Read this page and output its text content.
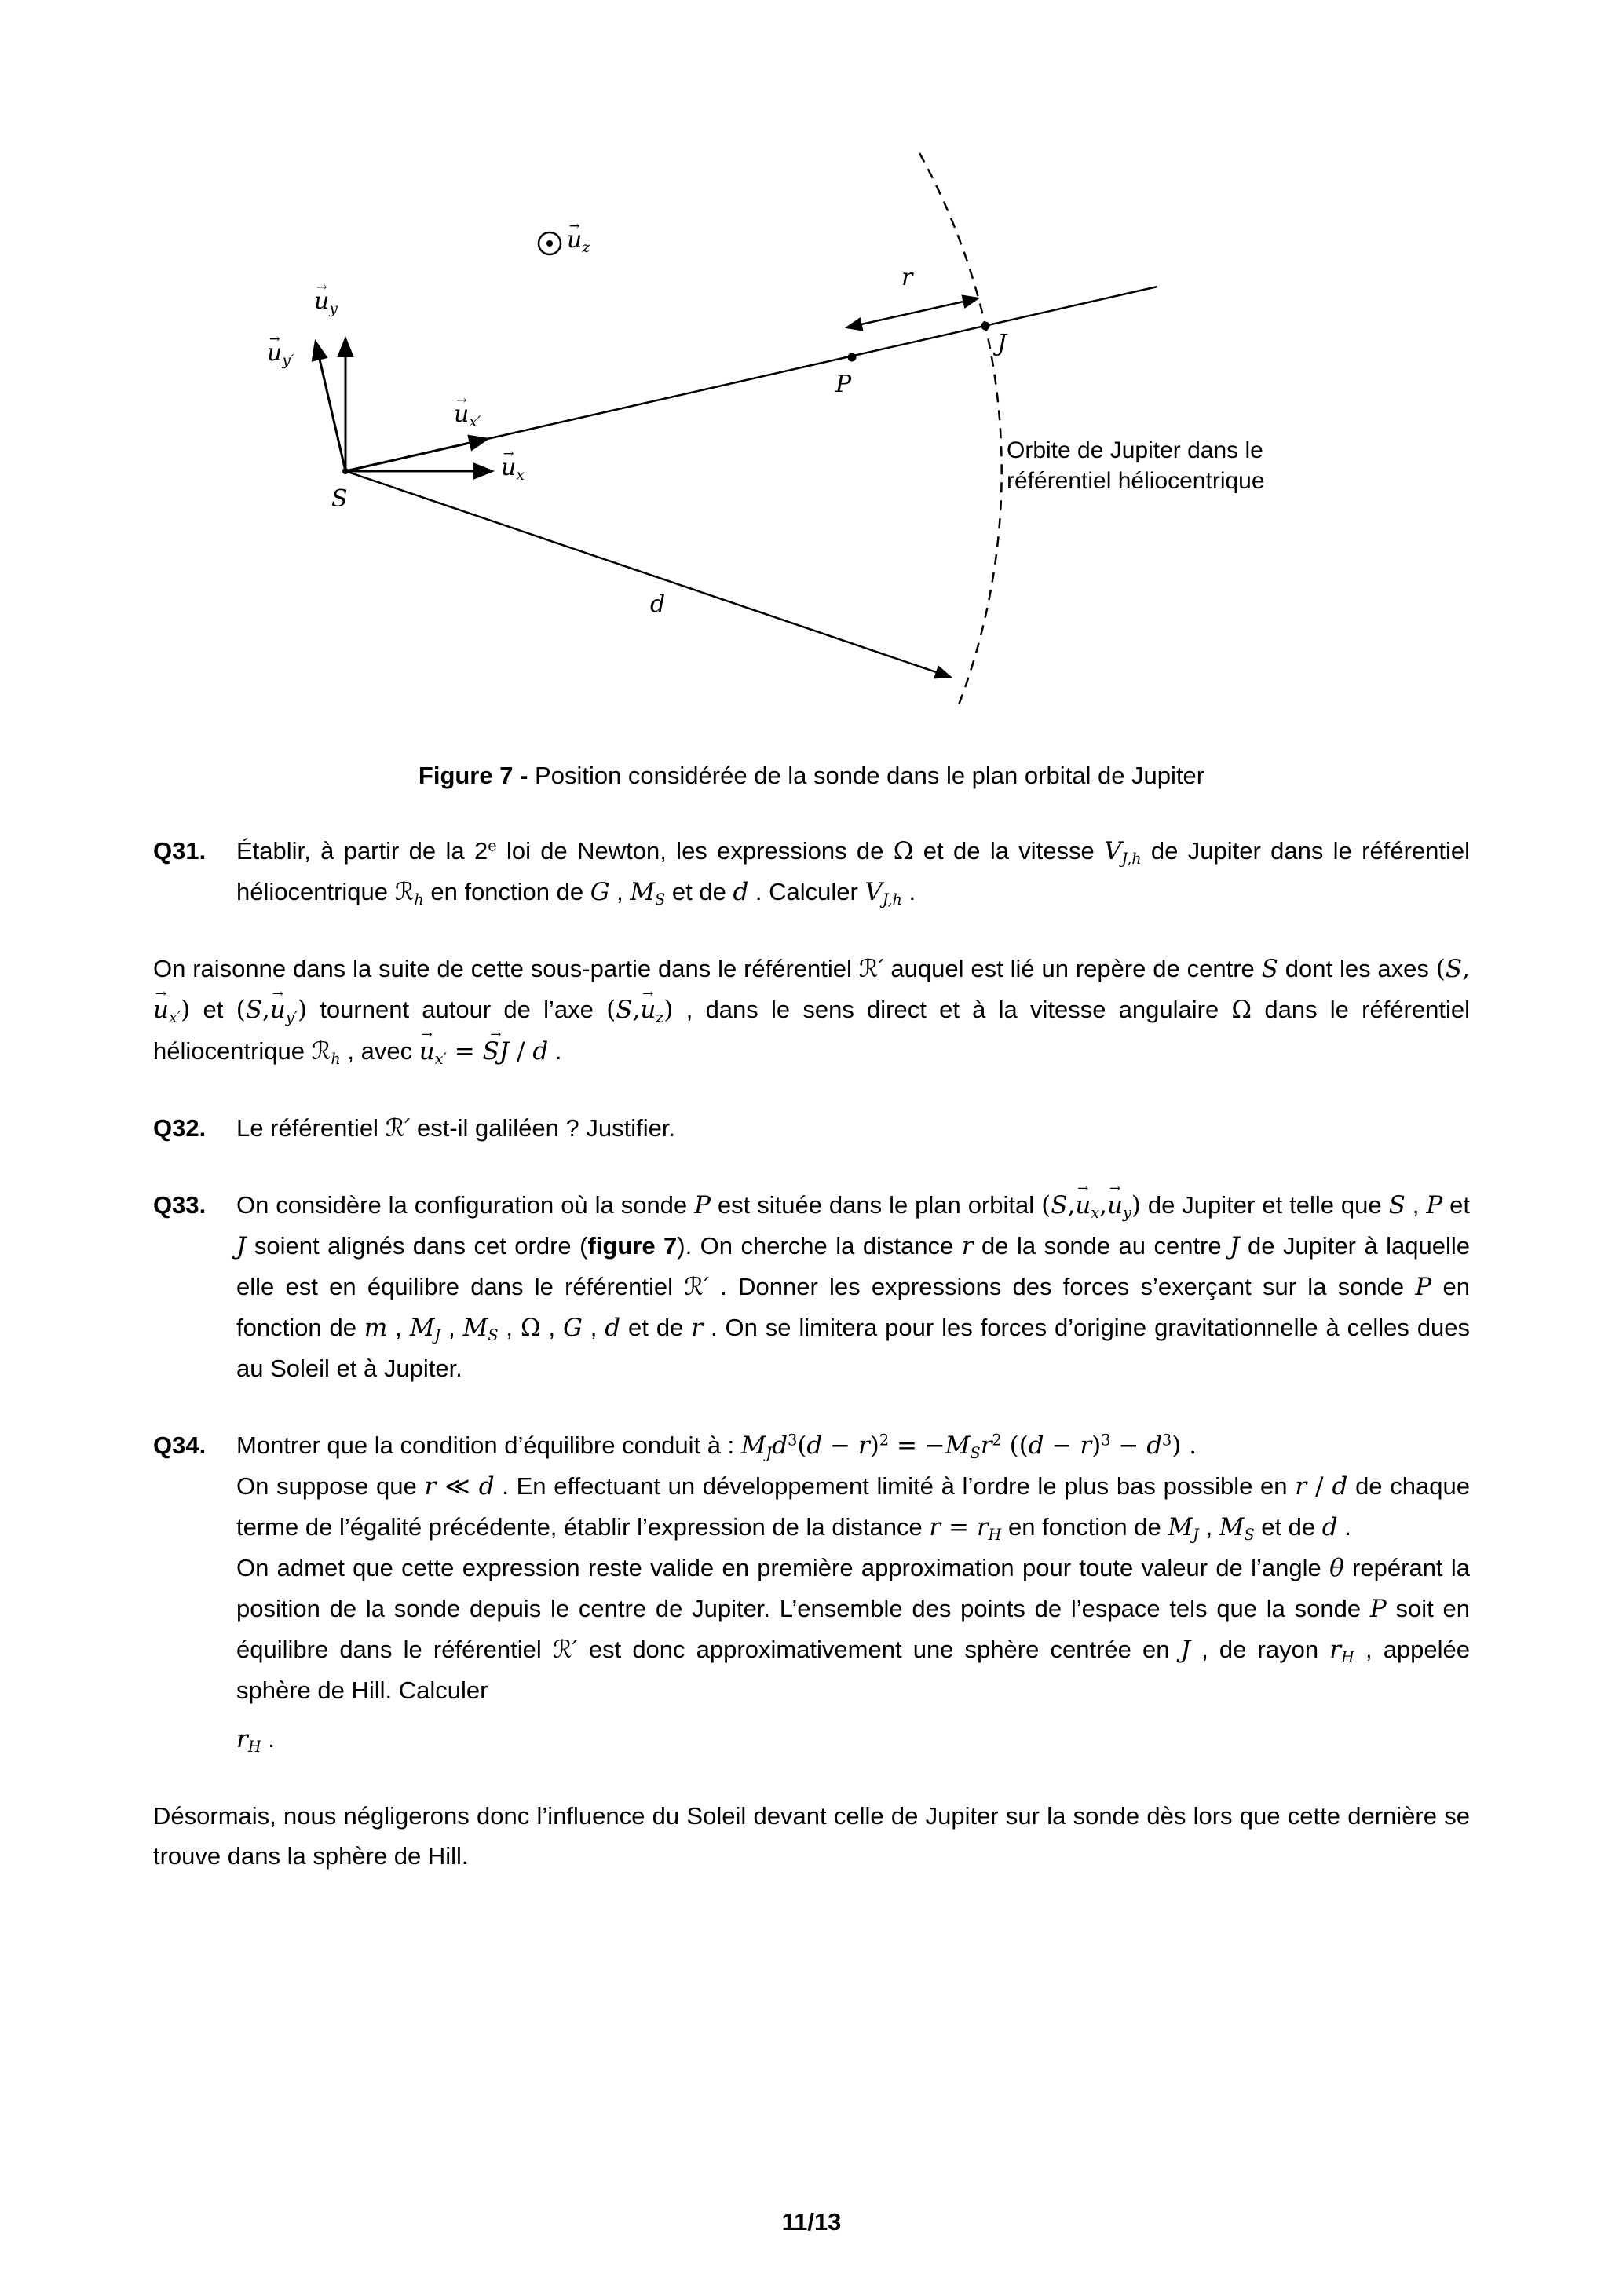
→ uz
→ uy
→ uy′
→ ux′
→ ux
S
P
J
r
d
Orbite de Jupiter dans le
référentiel héliocentrique
Figure 7 - Position considérée de la sonde dans le plan orbital de Jupiter
Q31. Établir, à partir de la 2e loi de Newton, les expressions de Ω et de la vitesse VJ,h de Jupiter dans le référentiel héliocentrique ℛh en fonction de G , MS et de d . Calculer VJ,h .
On raisonne dans la suite de cette sous-partie dans le référentiel ℛ′ auquel est lié un repère de centre S dont les axes (S,→ ux′) et (S,→ uy′) tournent autour de l’axe (S,→ uz) , dans le sens direct et à la vitesse angulaire Ω dans le référentiel héliocentrique ℛh , avec → ux′ = → SJ / d .
Q32. Le référentiel ℛ′ est-il galiléen ? Justifier.
Q33. On considère la configuration où la sonde P est située dans le plan orbital (S,→ ux,→ uy) de Jupiter et telle que S , P et J soient alignés dans cet ordre (figure 7). On cherche la distance r de la sonde au centre J de Jupiter à laquelle elle est en équilibre dans le référentiel ℛ′ . Donner les expressions des forces s’exerçant sur la sonde P en fonction de m , MJ , MS , Ω , G , d et de r . On se limitera pour les forces d’origine gravitationnelle à celles dues au Soleil et à Jupiter.
Q34. Montrer que la condition d’équilibre conduit à : $MJd^3(d - r)^2 = -MSr^2$ $((d - r)^3 - d^3)$ .
On suppose que r ≪ d . En effectuant un développement limité à l’ordre le plus bas possible en r / d de chaque terme de l’égalité précédente, établir l’expression de la distance r = rH en fonction de MJ , MS et de d .
On admet que cette expression reste valide en première approximation pour toute valeur de l’angle θ repérant la position de la sonde depuis le centre de Jupiter. L’ensemble des points de l’espace tels que la sonde P soit en équilibre dans le référentiel ℛ′ est donc approximativement une sphère centrée en J , de rayon rH , appelée sphère de Hill. Calculer
rH .
Désormais, nous négligerons donc l’influence du Soleil devant celle de Jupiter sur la sonde dès lors que cette dernière se trouve dans la sphère de Hill.
11/13
